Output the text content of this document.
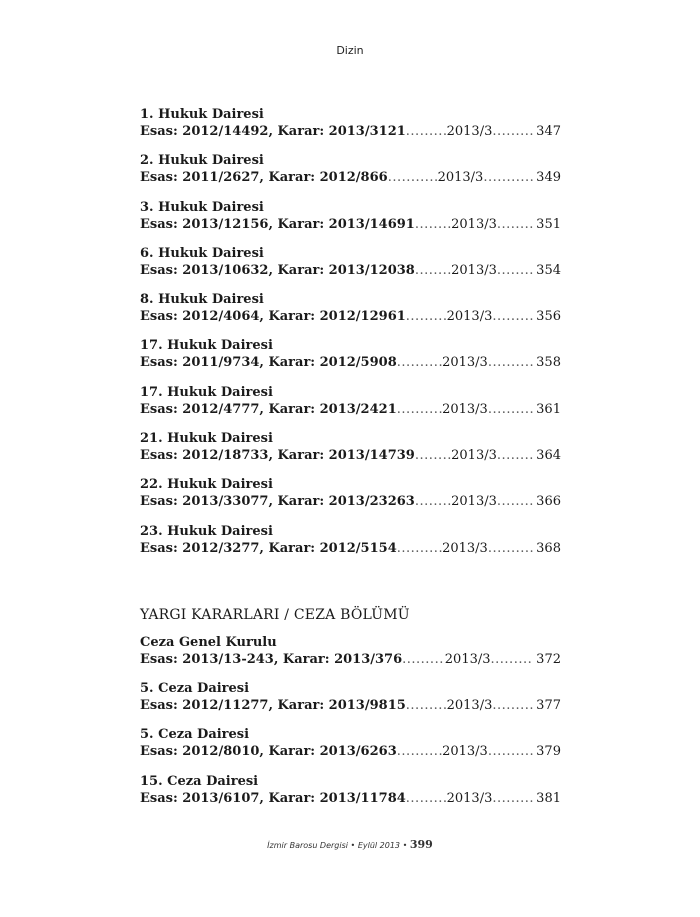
Dizin
1. Hukuk Dairesi
Esas: 2012/14492, Karar: 2013/3121 .....	2013/3 .....	347
2. Hukuk Dairesi
Esas: 2011/2627, Karar: 2012/866 .....	2013/3 .....	349
3. Hukuk Dairesi
Esas: 2013/12156, Karar: 2013/14691 .....	2013/3 .....	351
6. Hukuk Dairesi
Esas: 2013/10632, Karar: 2013/12038 .....	2013/3 .....	354
8. Hukuk Dairesi
Esas: 2012/4064, Karar: 2012/12961 .....	2013/3 .....	356
17. Hukuk Dairesi
Esas: 2011/9734, Karar: 2012/5908 .....	2013/3 .....	358
17. Hukuk Dairesi
Esas: 2012/4777, Karar: 2013/2421 .....	2013/3 .....	361
21. Hukuk Dairesi
Esas: 2012/18733, Karar: 2013/14739 .....	2013/3 .....	364
22. Hukuk Dairesi
Esas: 2013/33077, Karar: 2013/23263 .....	2013/3 .....	366
23. Hukuk Dairesi
Esas: 2012/3277, Karar: 2012/5154 .....	2013/3 .....	368
YARGI KARARLARI / CEZA BÖLÜMÜ
Ceza Genel Kurulu
Esas: 2013/13-243, Karar: 2013/376 .....	2013/3 .....	372
5. Ceza Dairesi
Esas: 2012/11277, Karar: 2013/9815 .....	2013/3 .....	377
5. Ceza Dairesi
Esas: 2012/8010, Karar: 2013/6263 .....	2013/3 .....	379
15. Ceza Dairesi
Esas: 2013/6107, Karar: 2013/11784 .....	2013/3 .....	381
İzmir Barosu Dergisi • Eylül 2013 • 399
